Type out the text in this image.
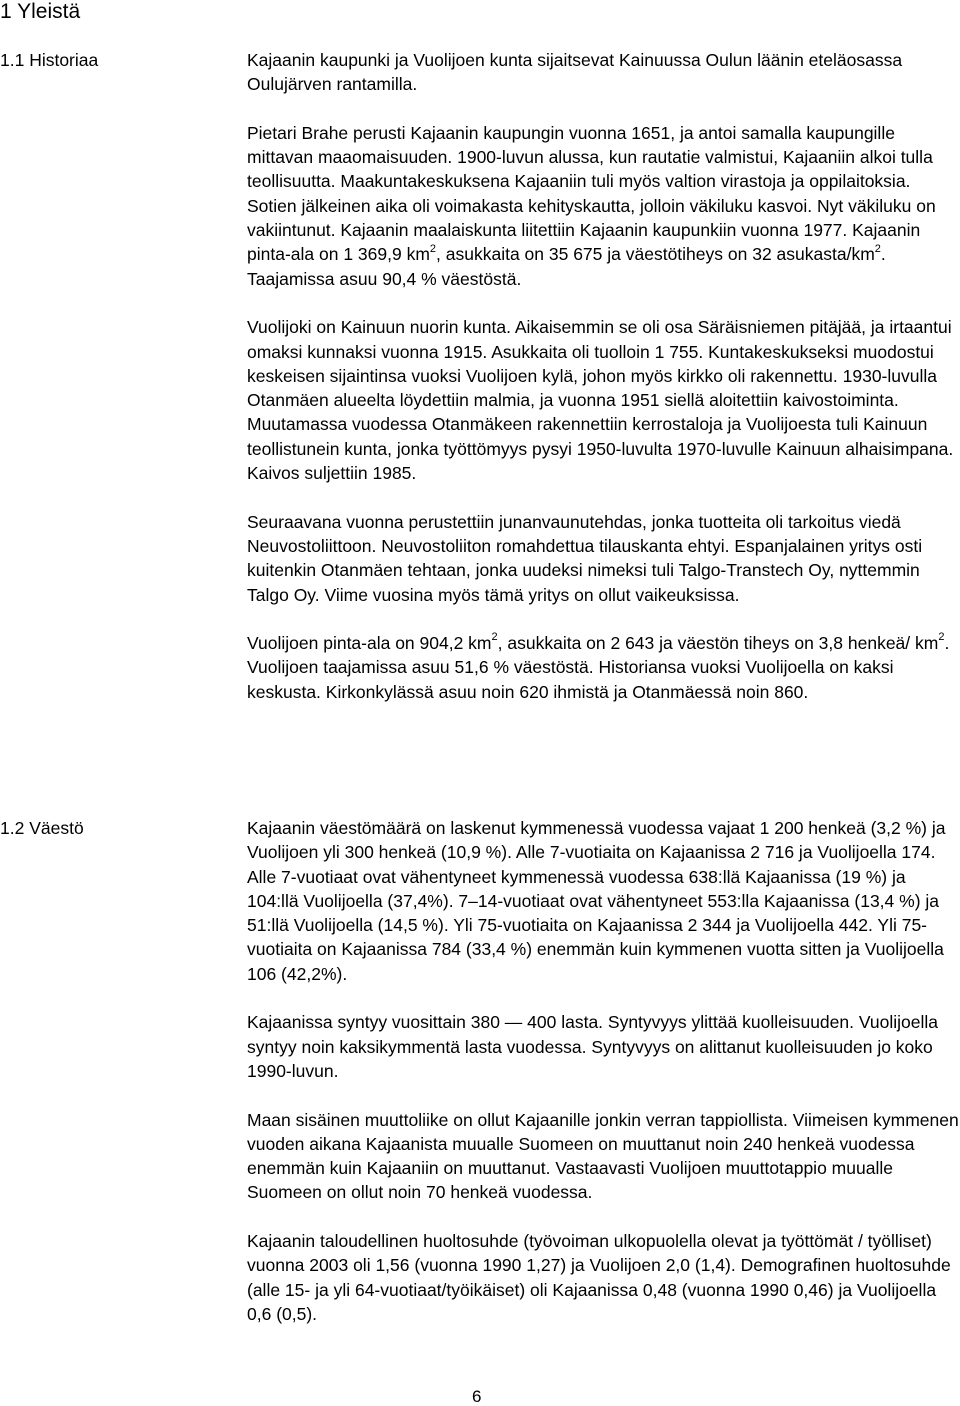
1 Yleistä
1.1 Historiaa	Kajaanin kaupunki ja Vuolijoen kunta sijaitsevat Kainuussa Oulun läänin eteläosassa Oulujärven rantamilla.

Pietari Brahe perusti Kajaanin kaupungin vuonna 1651, ja antoi samalla kaupungille mittavan maaomaisuuden. 1900-luvun alussa, kun rautatie valmistui, Kajaaniin alkoi tulla teollisuutta. Maakuntakeskuksena Kajaaniin tuli myös valtion virastoja ja oppilaitoksia. Sotien jälkeinen aika oli voimakasta kehityskautta, jolloin väkiluku kasvoi. Nyt väkiluku on vakiintunut. Kajaanin maalaiskunta liitettiin Kajaanin kaupunkiin vuonna 1977. Kajaanin pinta-ala on 1 369,9 $km^2$, asukkaita on 35 675 ja väestötiheys on 32 asukasta/$km^2$. Taajamissa asuu 90,4 % väestöstä.

Vuolijoki on Kainuun nuorin kunta. Aikaisemmin se oli osa Säräisniemen pitäjää, ja irtaantui omaksi kunnaksi vuonna 1915. Asukkaita oli tuolloin 1 755. Kuntakeskukseksi muodostui keskeisen sijaintinsa vuoksi Vuolijoen kylä, johon myös kirkko oli rakennettu. 1930-luvulla Otanmäen alueelta löydettiin malmia, ja vuonna 1951 siellä aloitettiin kaivostoiminta. Muutamassa vuodessa Otanmäkeen rakennettiin kerrostaloja ja Vuolijoesta tuli Kainuun teollistunein kunta, jonka työttömyys pysyi 1950-luvulta 1970-luvulle Kainuun alhaisimpana. Kaivos suljettiin 1985.

Seuraavana vuonna perustettiin junanvaunutehdas, jonka tuotteita oli tarkoitus viedä Neuvostoliittoon. Neuvostoliiton romahdettua tilauskanta ehtyi. Espanjalainen yritys osti kuitenkin Otanmäen tehtaan, jonka uudeksi nimeksi tuli Talgo-Transtech Oy, nyttemmin Talgo Oy. Viime vuosina myös tämä yritys on ollut vaikeuksissa.

Vuolijoen pinta-ala on 904,2 $km^2$, asukkaita on 2 643 ja väestön tiheys on 3,8 henkeä/ $km^2$. Vuolijoen taajamissa asuu 51,6 % väestöstä. Historiansa vuoksi Vuolijoella on kaksi keskusta. Kirkonkylässä asuu noin 620 ihmistä ja Otanmäessä noin 860.

1.2 Väestö	Kajaanin väestömäärä on laskenut kymmenessä vuodessa vajaat 1 200 henkeä (3,2 %) ja Vuolijoen yli 300 henkeä (10,9 %). Alle 7-vuotiaita on Kajaanissa 2 716 ja Vuolijoella 174. Alle 7-vuotiaat ovat vähentyneet kymmenessä vuodessa 638:llä Kajaanissa (19 %) ja 104:llä Vuolijoella (37,4%). 7–14-vuotiaat ovat vähentyneet 553:lla Kajaanissa (13,4 %) ja 51:llä Vuolijoella (14,5 %). Yli 75-vuotiaita on Kajaanissa 2 344 ja Vuolijoella 442. Yli 75-vuotiaita on Kajaanissa 784 (33,4 %) enemmän kuin kymmenen vuotta sitten ja Vuolijoella 106 (42,2%).

Kajaanissa syntyy vuosittain 380 — 400 lasta. Syntyvyys ylittää kuolleisuuden. Vuolijoella syntyy noin kaksikymmentä lasta vuodessa. Syntyvyys on alittanut kuolleisuuden jo koko 1990-luvun.

Maan sisäinen muuttoliike on ollut Kajaanille jonkin verran tappiollista. Viimeisen kymmenen vuoden aikana Kajaanista muualle Suomeen on muuttanut noin 240 henkeä vuodessa enemmän kuin Kajaaniin on muuttanut. Vastaavasti Vuolijoen muuttotappio muualle Suomeen on ollut noin 70 henkeä vuodessa.

Kajaanin taloudellinen huoltosuhde (työvoiman ulkopuolella olevat ja työttömät / työlliset) vuonna 2003 oli 1,56 (vuonna 1990 1,27) ja Vuolijoen 2,0 (1,4). Demografinen huoltosuhde (alle 15- ja yli 64-vuotiaat/työikäiset) oli Kajaanissa 0,48 (vuonna 1990 0,46) ja Vuolijoella 0,6 (0,5).

6
